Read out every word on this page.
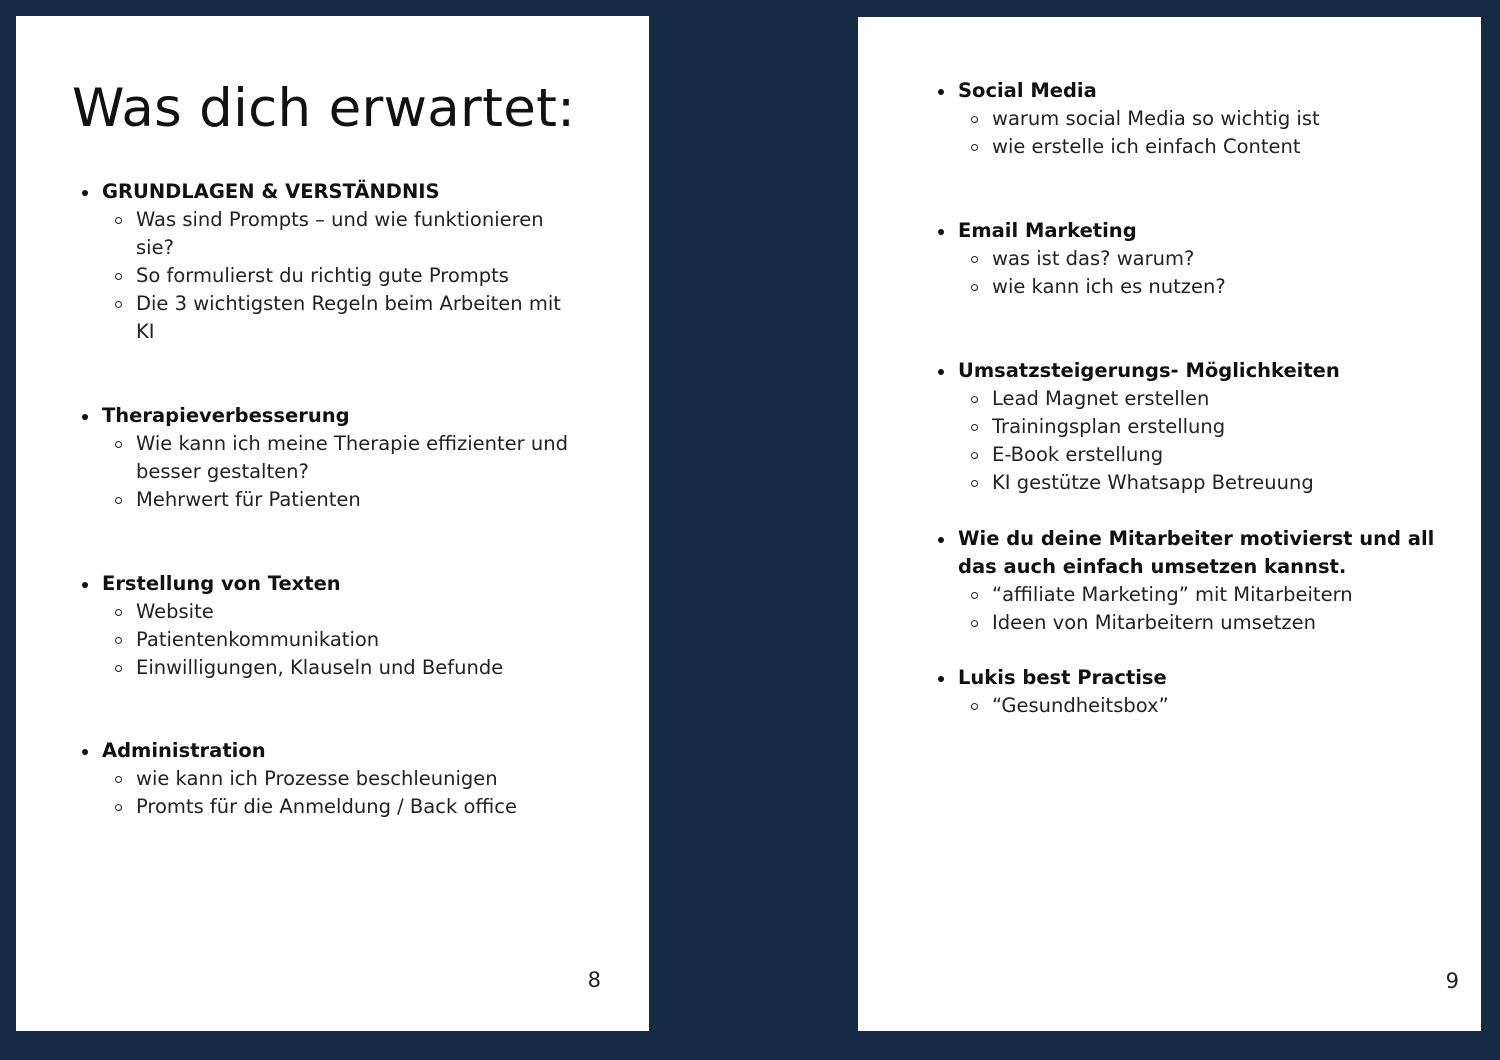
Was dich erwartet:
GRUNDLAGEN & VERSTÄNDNIS
Was sind Prompts – und wie funktionieren sie?
So formulierst du richtig gute Prompts
Die 3 wichtigsten Regeln beim Arbeiten mit KI
Therapieverbesserung
Wie kann ich meine Therapie effizienter und besser gestalten?
Mehrwert für Patienten
Erstellung von Texten
Website
Patientenkommunikation
Einwilligungen, Klauseln und Befunde
Administration
wie kann ich Prozesse beschleunigen
Promts für die Anmeldung / Back office
8
Social Media
warum social Media so wichtig ist
wie erstelle ich einfach Content
Email Marketing
was ist das? warum?
wie kann ich es nutzen?
Umsatzsteigerungs- Möglichkeiten
Lead Magnet erstellen
Trainingsplan erstellung
E-Book erstellung
KI gestütze Whatsapp Betreuung
Wie du deine Mitarbeiter motivierst und all das auch einfach umsetzen kannst.
“affiliate Marketing” mit Mitarbeitern
Ideen von Mitarbeitern umsetzen
Lukis best Practise
“Gesundheitsbox”
9
